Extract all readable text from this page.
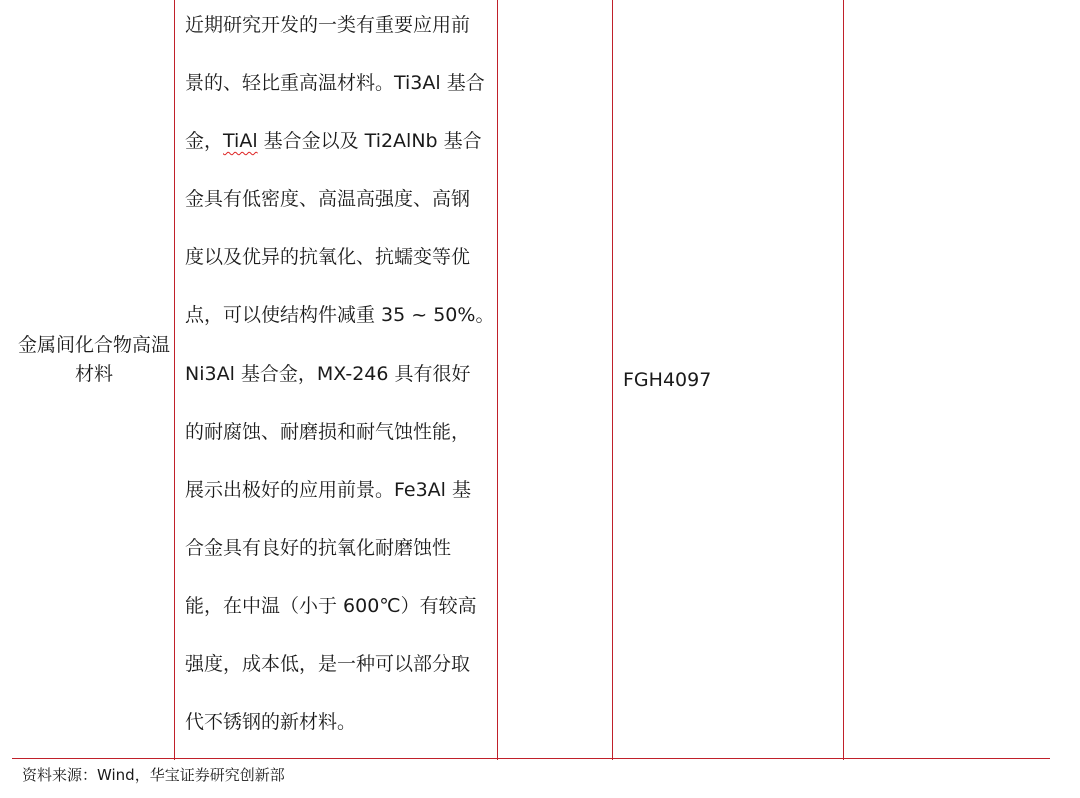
金属间化合物高温材料
近期研究开发的一类有重要应用前
景的、轻比重高温材料。Ti3Al 基合
金，TiAl 基合金以及 Ti2AlNb 基合
金具有低密度、高温高强度、高钢
度以及优异的抗氧化、抗蠕变等优
点，可以使结构件减重 35 ~ 50%。
Ni3Al 基合金，MX-246 具有很好
的耐腐蚀、耐磨损和耐气蚀性能，
展示出极好的应用前景。Fe3Al 基
合金具有良好的抗氧化耐磨蚀性
能，在中温（小于 600℃）有较高
强度，成本低，是一种可以部分取
代不锈钢的新材料。
FGH4097
资料来源：Wind，华宝证券研究创新部
